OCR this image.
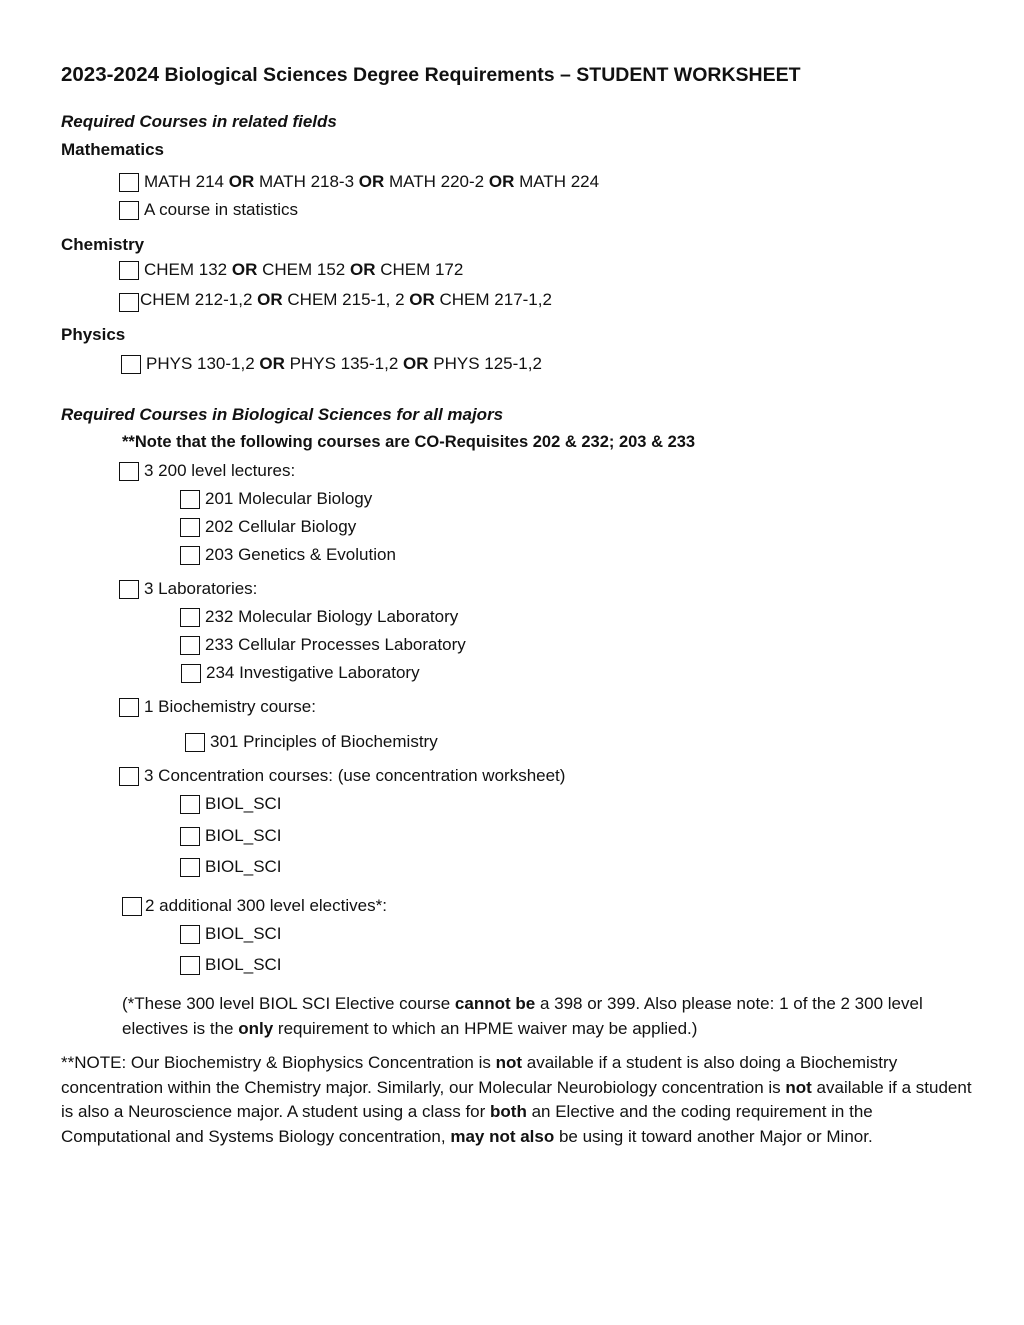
2023-2024 Biological Sciences Degree Requirements – STUDENT WORKSHEET
Required Courses in related fields
Mathematics
MATH 214 OR MATH 218-3 OR MATH 220-2 OR MATH 224
A course in statistics
Chemistry
CHEM 132 OR CHEM 152 OR CHEM 172
CHEM 212-1,2 OR CHEM 215-1, 2 OR CHEM 217-1,2
Physics
PHYS 130-1,2 OR PHYS 135-1,2 OR PHYS 125-1,2
Required Courses in Biological Sciences for all majors
**Note that the following courses are CO-Requisites 202 & 232; 203 & 233
3 200 level lectures:
201 Molecular Biology
202 Cellular Biology
203 Genetics & Evolution
3 Laboratories:
232 Molecular Biology Laboratory
233 Cellular Processes Laboratory
234 Investigative Laboratory
1 Biochemistry course:
301 Principles of Biochemistry
3 Concentration courses: (use concentration worksheet)
BIOL_SCI
BIOL_SCI
BIOL_SCI
2 additional 300 level electives*:
BIOL_SCI
BIOL_SCI
(*These 300 level BIOL SCI Elective course cannot be a 398 or 399. Also please note: 1 of the 2 300 level electives is the only requirement to which an HPME waiver may be applied.)
**NOTE: Our Biochemistry & Biophysics Concentration is not available if a student is also doing a Biochemistry concentration within the Chemistry major. Similarly, our Molecular Neurobiology concentration is not available if a student is also a Neuroscience major. A student using a class for both an Elective and the coding requirement in the Computational and Systems Biology concentration, may not also be using it toward another Major or Minor.
